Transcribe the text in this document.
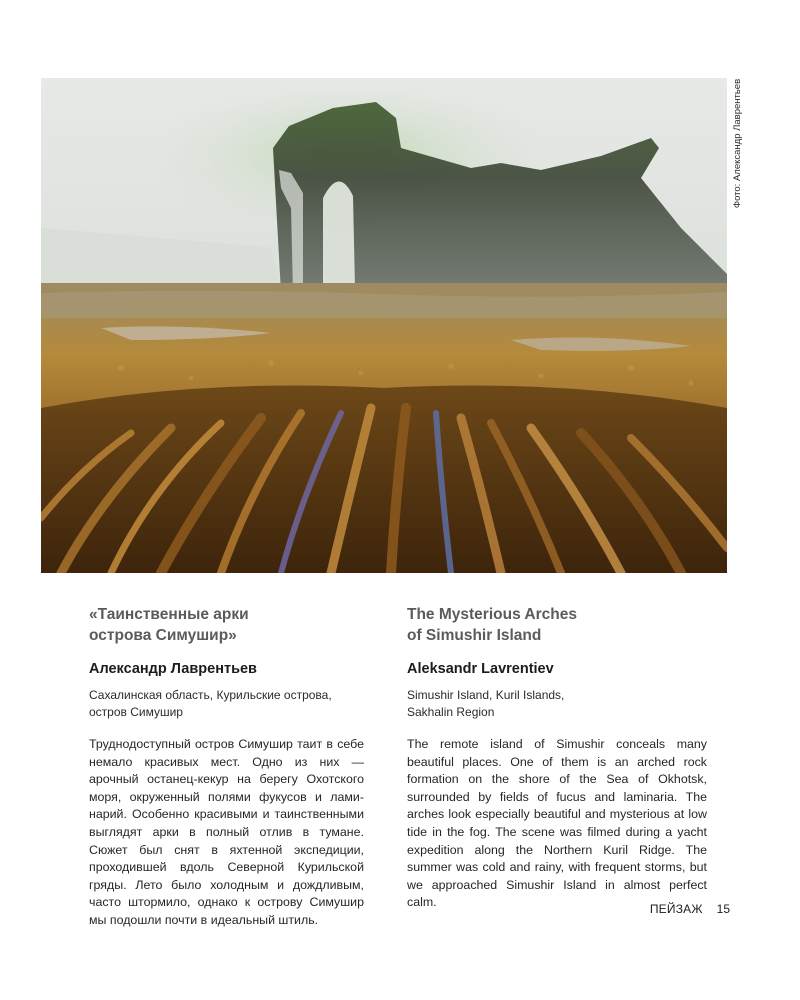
Фото: Александр Лаврентьев
«Таинственные арки
острова Симушир»
Александр Лаврентьев
Сахалинская область, Курильские острова,
остров Симушир

Труднодоступный остров Симушир таит в себе немало красивых мест. Одно из них — арочный останец-кекур на берегу Охотского моря, окруженный полями фукусов и ламинарий. Особенно красивыми и таинственными выглядят арки в полный отлив в тумане. Сюжет был снят в яхтенной экспедиции, проходившей вдоль Северной Курильской гряды. Лето было холодным и дождливым, часто штормило, однако к острову Симушир мы подошли почти в идеальный штиль.

The Mysterious Arches
of Simushir Island
Aleksandr Lavrentiev
Simushir Island, Kuril Islands,
Sakhalin Region

The remote island of Simushir conceals many beautiful places. One of them is an arched rock formation on the shore of the Sea of Okhotsk, surrounded by fields of fucus and laminaria. The arches look especially beautiful and mysterious at low tide in the fog. The scene was filmed during a yacht expedition along the Northern Kuril Ridge. The summer was cold and rainy, with frequent storms, but we approached Simushir Island in almost perfect calm.	ПЕЙЗАЖ 15
